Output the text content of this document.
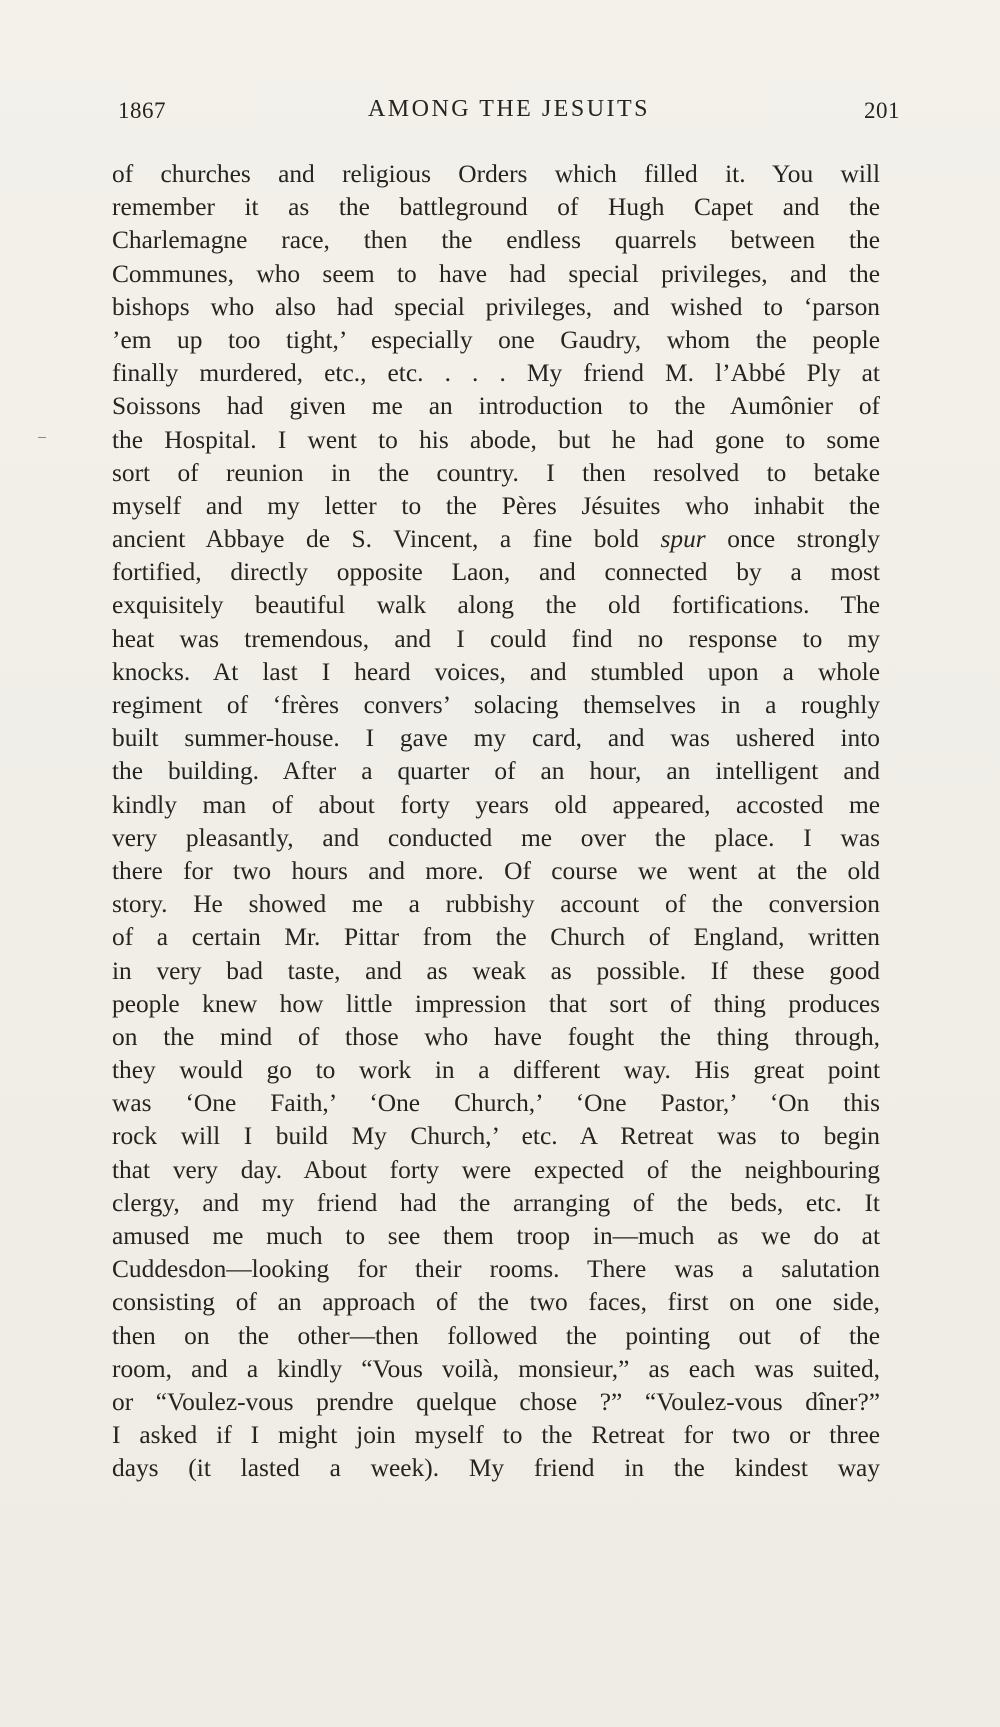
1867	AMONG THE JESUITS	201
of churches and religious Orders which filled it. You will
remember it as the battleground of Hugh Capet and the
Charlemagne race, then the endless quarrels between the
Communes, who seem to have had special privileges, and the
bishops who also had special privileges, and wished to ‘parson
’em up too tight,’ especially one Gaudry, whom the people
finally murdered, etc., etc. . . . My friend M. l’Abbé Ply at
Soissons had given me an introduction to the Aumônier of
the Hospital. I went to his abode, but he had gone to some
sort of reunion in the country. I then resolved to betake
myself and my letter to the Pères Jésuites who inhabit the
ancient Abbaye de S. Vincent, a fine bold spur once strongly
fortified, directly opposite Laon, and connected by a most
exquisitely beautiful walk along the old fortifications. The
heat was tremendous, and I could find no response to my
knocks. At last I heard voices, and stumbled upon a whole
regiment of ‘frères convers’ solacing themselves in a roughly
built summer-house. I gave my card, and was ushered into
the building. After a quarter of an hour, an intelligent and
kindly man of about forty years old appeared, accosted me
very pleasantly, and conducted me over the place. I was
there for two hours and more. Of course we went at the old
story. He showed me a rubbishy account of the conversion
of a certain Mr. Pittar from the Church of England, written
in very bad taste, and as weak as possible. If these good
people knew how little impression that sort of thing produces
on the mind of those who have fought the thing through,
they would go to work in a different way. His great point
was ‘One Faith,’ ‘One Church,’ ‘One Pastor,’ ‘On this
rock will I build My Church,’ etc. A Retreat was to begin
that very day. About forty were expected of the neighbouring
clergy, and my friend had the arranging of the beds, etc. It
amused me much to see them troop in—much as we do at
Cuddesdon—looking for their rooms. There was a salutation
consisting of an approach of the two faces, first on one side,
then on the other—then followed the pointing out of the
room, and a kindly “Vous voilà, monsieur,” as each was suited,
or “Voulez-vous prendre quelque chose ?” “Voulez-vous dîner?”
I asked if I might join myself to the Retreat for two or three
days (it lasted a week). My friend in the kindest way
